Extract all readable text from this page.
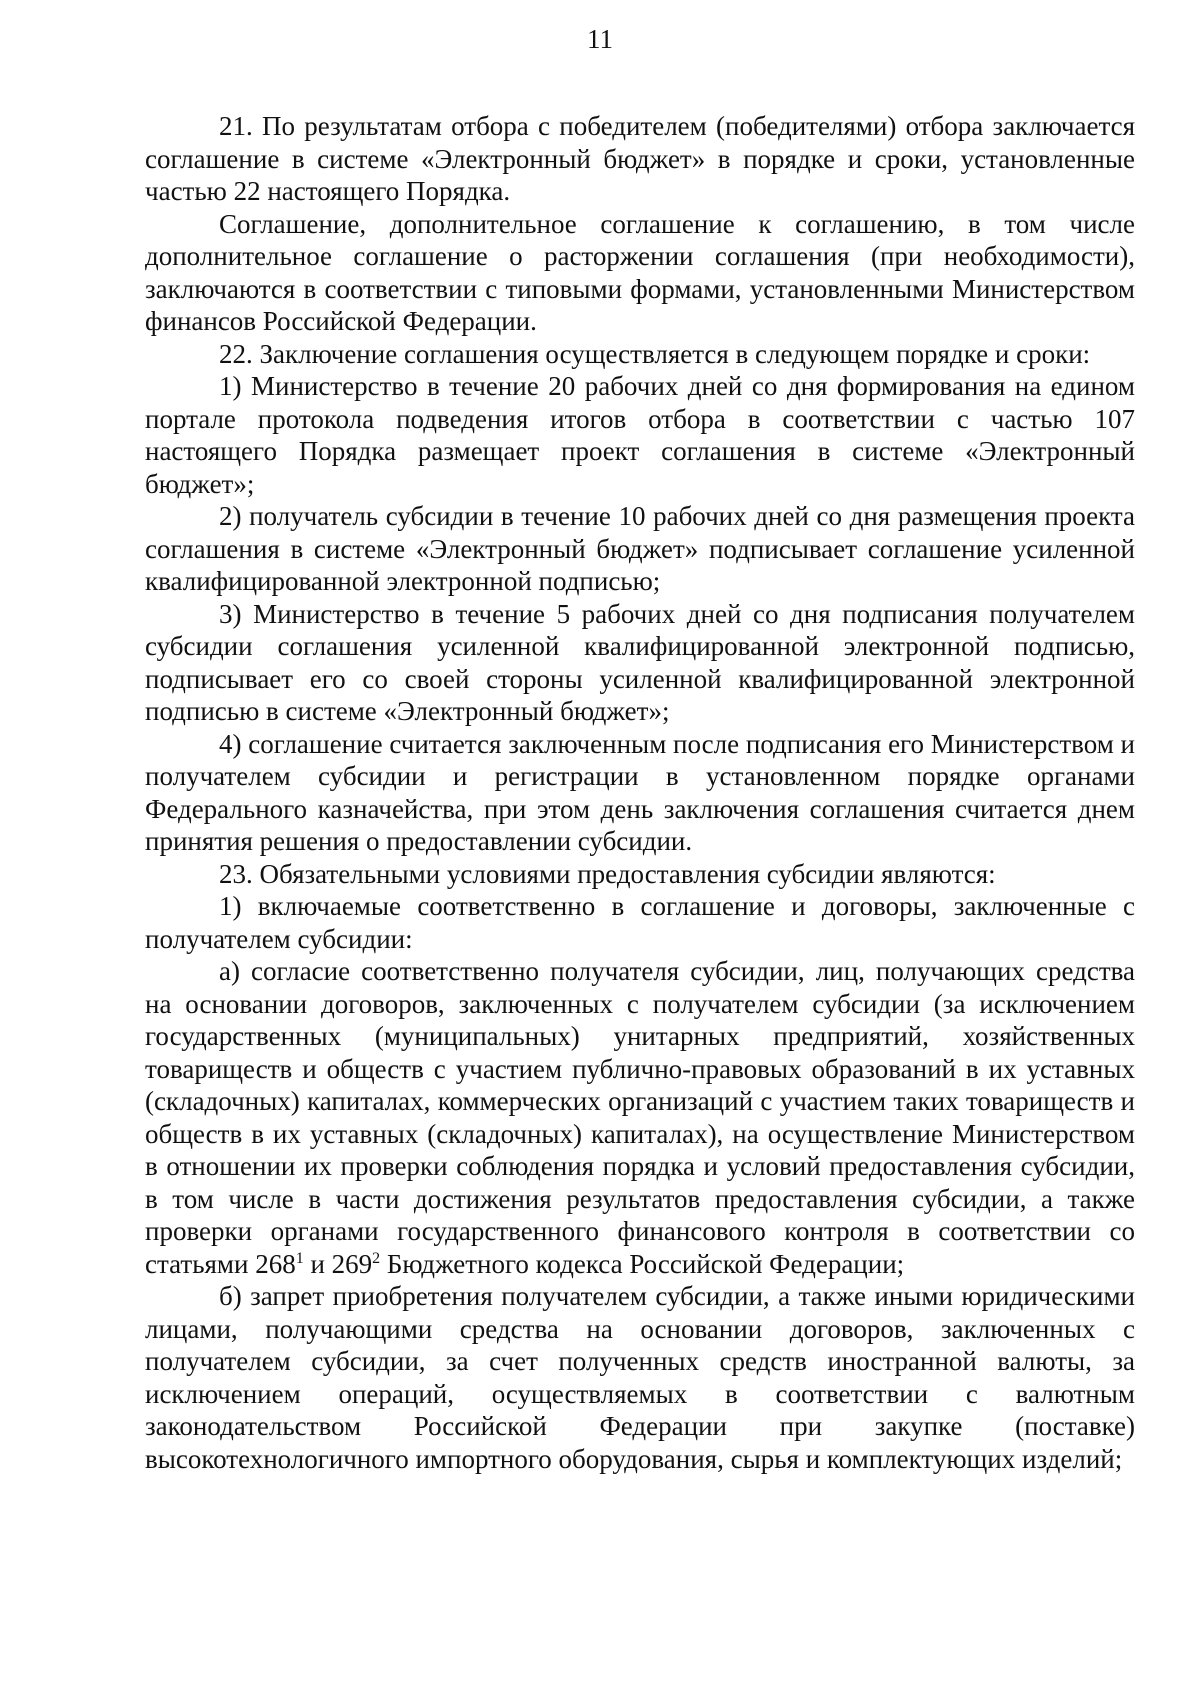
11

21. По результатам отбора с победителем (победителями) отбора заключается соглашение в системе «Электронный бюджет» в порядке и сроки, установленные частью 22 настоящего Порядка.

Соглашение, дополнительное соглашение к соглашению, в том числе дополнительное соглашение о расторжении соглашения (при необходимости), заключаются в соответствии с типовыми формами, установленными Министерством финансов Российской Федерации.

22. Заключение соглашения осуществляется в следующем порядке и сроки:

1) Министерство в течение 20 рабочих дней со дня формирования на едином портале протокола подведения итогов отбора в соответствии с частью 107 настоящего Порядка размещает проект соглашения в системе «Электронный бюджет»;

2) получатель субсидии в течение 10 рабочих дней со дня размещения проекта соглашения в системе «Электронный бюджет» подписывает соглашение усиленной квалифицированной электронной подписью;

3) Министерство в течение 5 рабочих дней со дня подписания получателем субсидии соглашения усиленной квалифицированной электронной подписью, подписывает его со своей стороны усиленной квалифицированной электронной подписью в системе «Электронный бюджет»;

4) соглашение считается заключенным после подписания его Министерством и получателем субсидии и регистрации в установленном порядке органами Федерального казначейства, при этом день заключения соглашения считается днем принятия решения о предоставлении субсидии.

23. Обязательными условиями предоставления субсидии являются:

1) включаемые соответственно в соглашение и договоры, заключенные с получателем субсидии:

а) согласие соответственно получателя субсидии, лиц, получающих средства на основании договоров, заключенных с получателем субсидии (за исключением государственных (муниципальных) унитарных предприятий, хозяйственных товариществ и обществ с участием публично-правовых образований в их уставных (складочных) капиталах, коммерческих организаций с участием таких товариществ и обществ в их уставных (складочных) капиталах), на осуществление Министерством в отношении их проверки соблюдения порядка и условий предоставления субсидии, в том числе в части достижения результатов предоставления субсидии, а также проверки органами государственного финансового контроля в соответствии со статьями $268^1$ и $269^2$ Бюджетного кодекса Российской Федерации;

б) запрет приобретения получателем субсидии, а также иными юридическими лицами, получающими средства на основании договоров, заключенных с получателем субсидии, за счет полученных средств иностранной валюты, за исключением операций, осуществляемых в соответствии с валютным законодательством Российской Федерации при закупке (поставке) высокотехнологичного импортного оборудования, сырья и комплектующих изделий;
